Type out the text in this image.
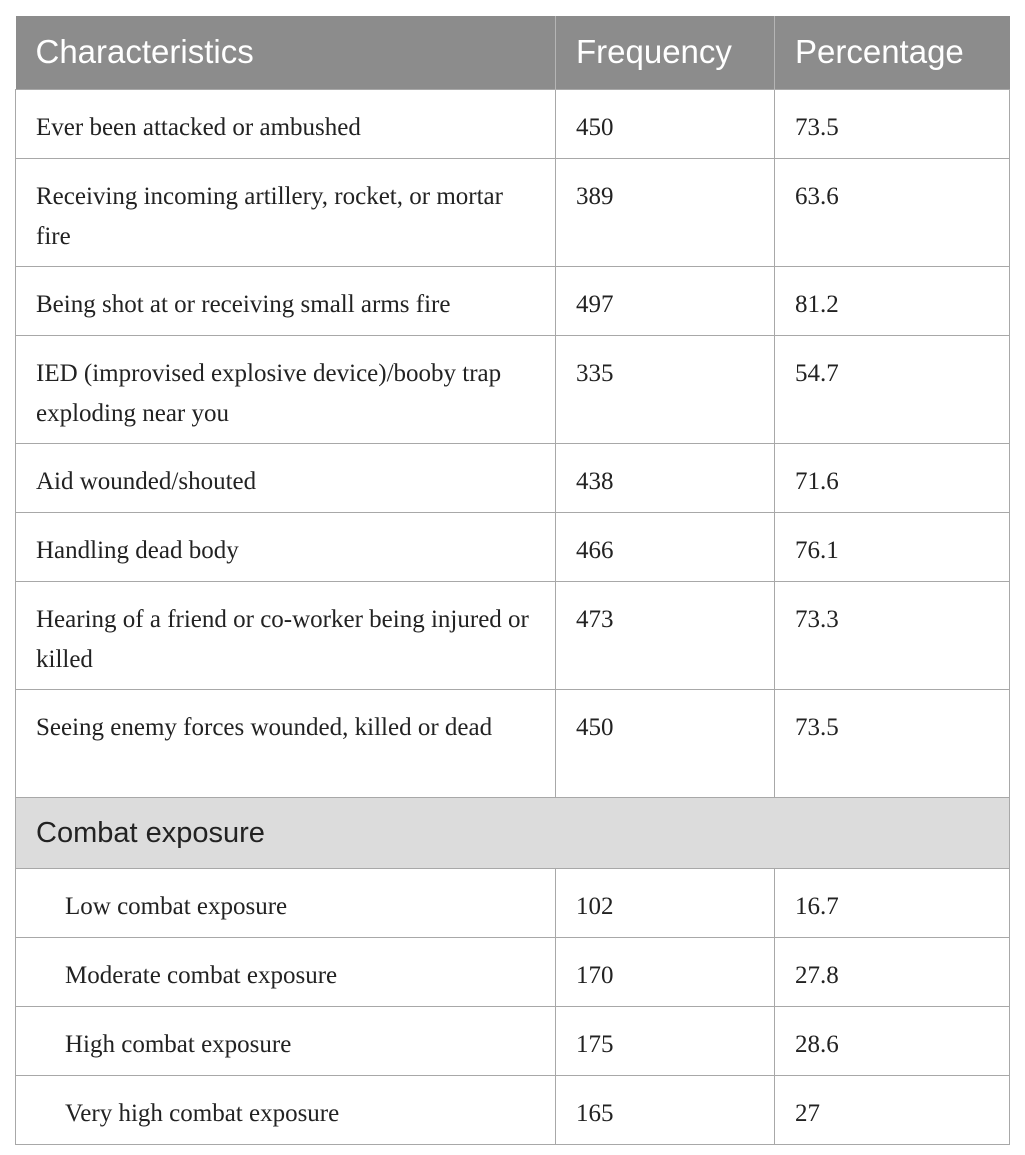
Characteristics	Frequency	Percentage
Ever been attacked or ambushed	450	73.5
Receiving incoming artillery, rocket, or mortar fire	389	63.6
Being shot at or receiving small arms fire	497	81.2
IED (improvised explosive device)/booby trap exploding near you	335	54.7
Aid wounded/shouted	438	71.6
Handling dead body	466	76.1
Hearing of a friend or co-worker being injured or killed	473	73.3
Seeing enemy forces wounded, killed or dead	450	73.5
Combat exposure		
Low combat exposure	102	16.7
Moderate combat exposure	170	27.8
High combat exposure	175	28.6
Very high combat exposure	165	27
